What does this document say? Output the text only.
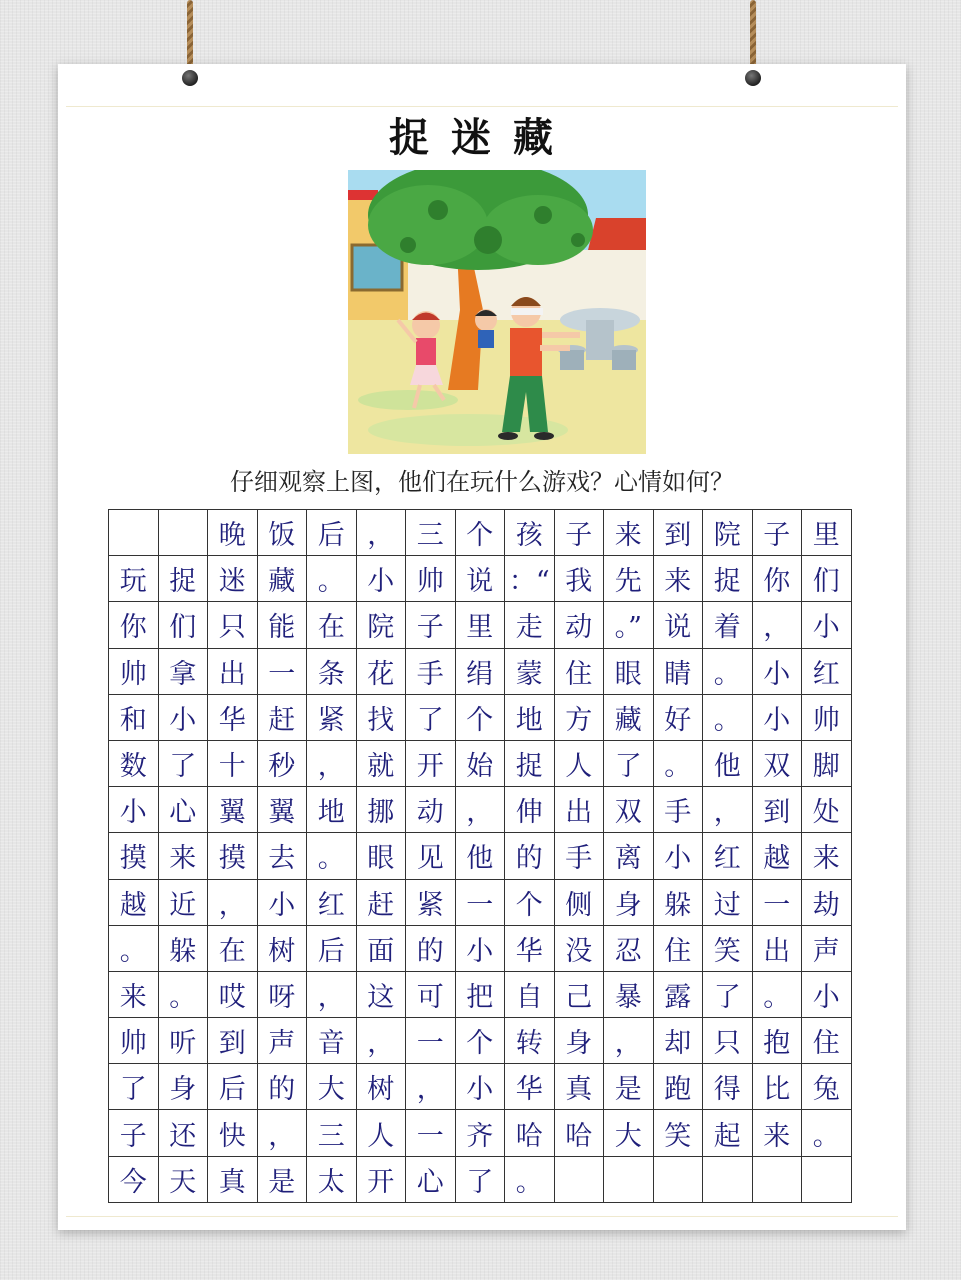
捉迷藏
仔细观察上图，他们在玩什么游戏？心情如何？
		晚	饭	后	，	三	个	孩	子	来	到	院	子	里
玩	捉	迷	藏	。	小	帅	说	：“	我	先	来	捉	你	们
你	们	只	能	在	院	子	里	走	动	。”	说	着	，	小
帅	拿	出	一	条	花	手	绢	蒙	住	眼	睛	。	小	红
和	小	华	赶	紧	找	了	个	地	方	藏	好	。	小	帅
数	了	十	秒	，	就	开	始	捉	人	了	。	他	双	脚
小	心	翼	翼	地	挪	动	，	伸	出	双	手	，	到	处
摸	来	摸	去	。	眼	见	他	的	手	离	小	红	越	来
越	近	，	小	红	赶	紧	一	个	侧	身	躲	过	一	劫
。	躲	在	树	后	面	的	小	华	没	忍	住	笑	出	声
来	。	哎	呀	，	这	可	把	自	己	暴	露	了	。	小
帅	听	到	声	音	，	一	个	转	身	，	却	只	抱	住
了	身	后	的	大	树	，	小	华	真	是	跑	得	比	兔
子	还	快	，	三	人	一	齐	哈	哈	大	笑	起	来	。
今	天	真	是	太	开	心	了	。						
